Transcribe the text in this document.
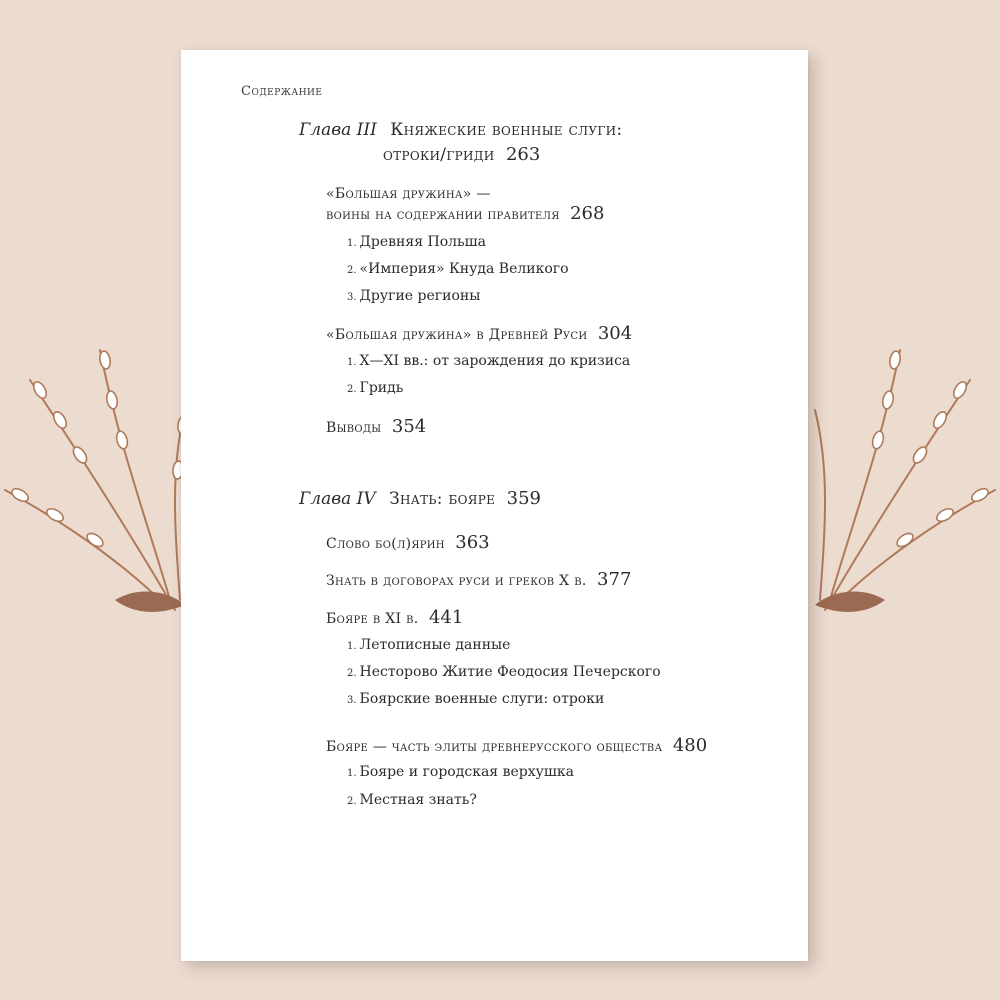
Содержание
Глава III Княжеские военные слуги:
отроки/гриди 263
«Большая дружина» —
воины на содержании правителя 268
1. Древняя Польша
2. «Империя» Кнуда Великого
3. Другие регионы
«Большая дружина» в Древней Руси 304
1. X—XI вв.: от зарождения до кризиса
2. Гридь
Выводы 354
Глава IV Знать: бояре 359
Слово бо(л)ярин 363
Знать в договорах руси и греков X в. 377
Бояре в XI в. 441
1. Летописные данные
2. Несторово Житие Феодосия Печерского
3. Боярские военные слуги: отроки
Бояре — часть элиты древнерусского общества 480
1. Бояре и городская верхушка
2. Местная знать?
